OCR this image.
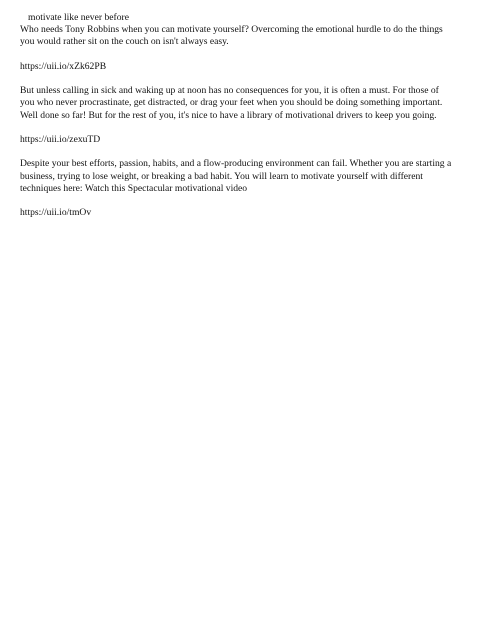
motivate like never before

Who needs Tony Robbins when you can motivate yourself? Overcoming the emotional hurdle to do the things
you would rather sit on the couch on isn't always easy.

https://uii.io/xZk62PB

But unless calling in sick and waking up at noon has no consequences for you, it is often a must. For those of
you who never procrastinate, get distracted, or drag your feet when you should be doing something important.
Well done so far! But for the rest of you, it's nice to have a library of motivational drivers to keep you going.

https://uii.io/zexuTD

Despite your best efforts, passion, habits, and a flow-producing environment can fail. Whether you are starting a
business, trying to lose weight, or breaking a bad habit. You will learn to motivate yourself with different
techniques here: Watch this Spectacular motivational video

https://uii.io/tmOv
